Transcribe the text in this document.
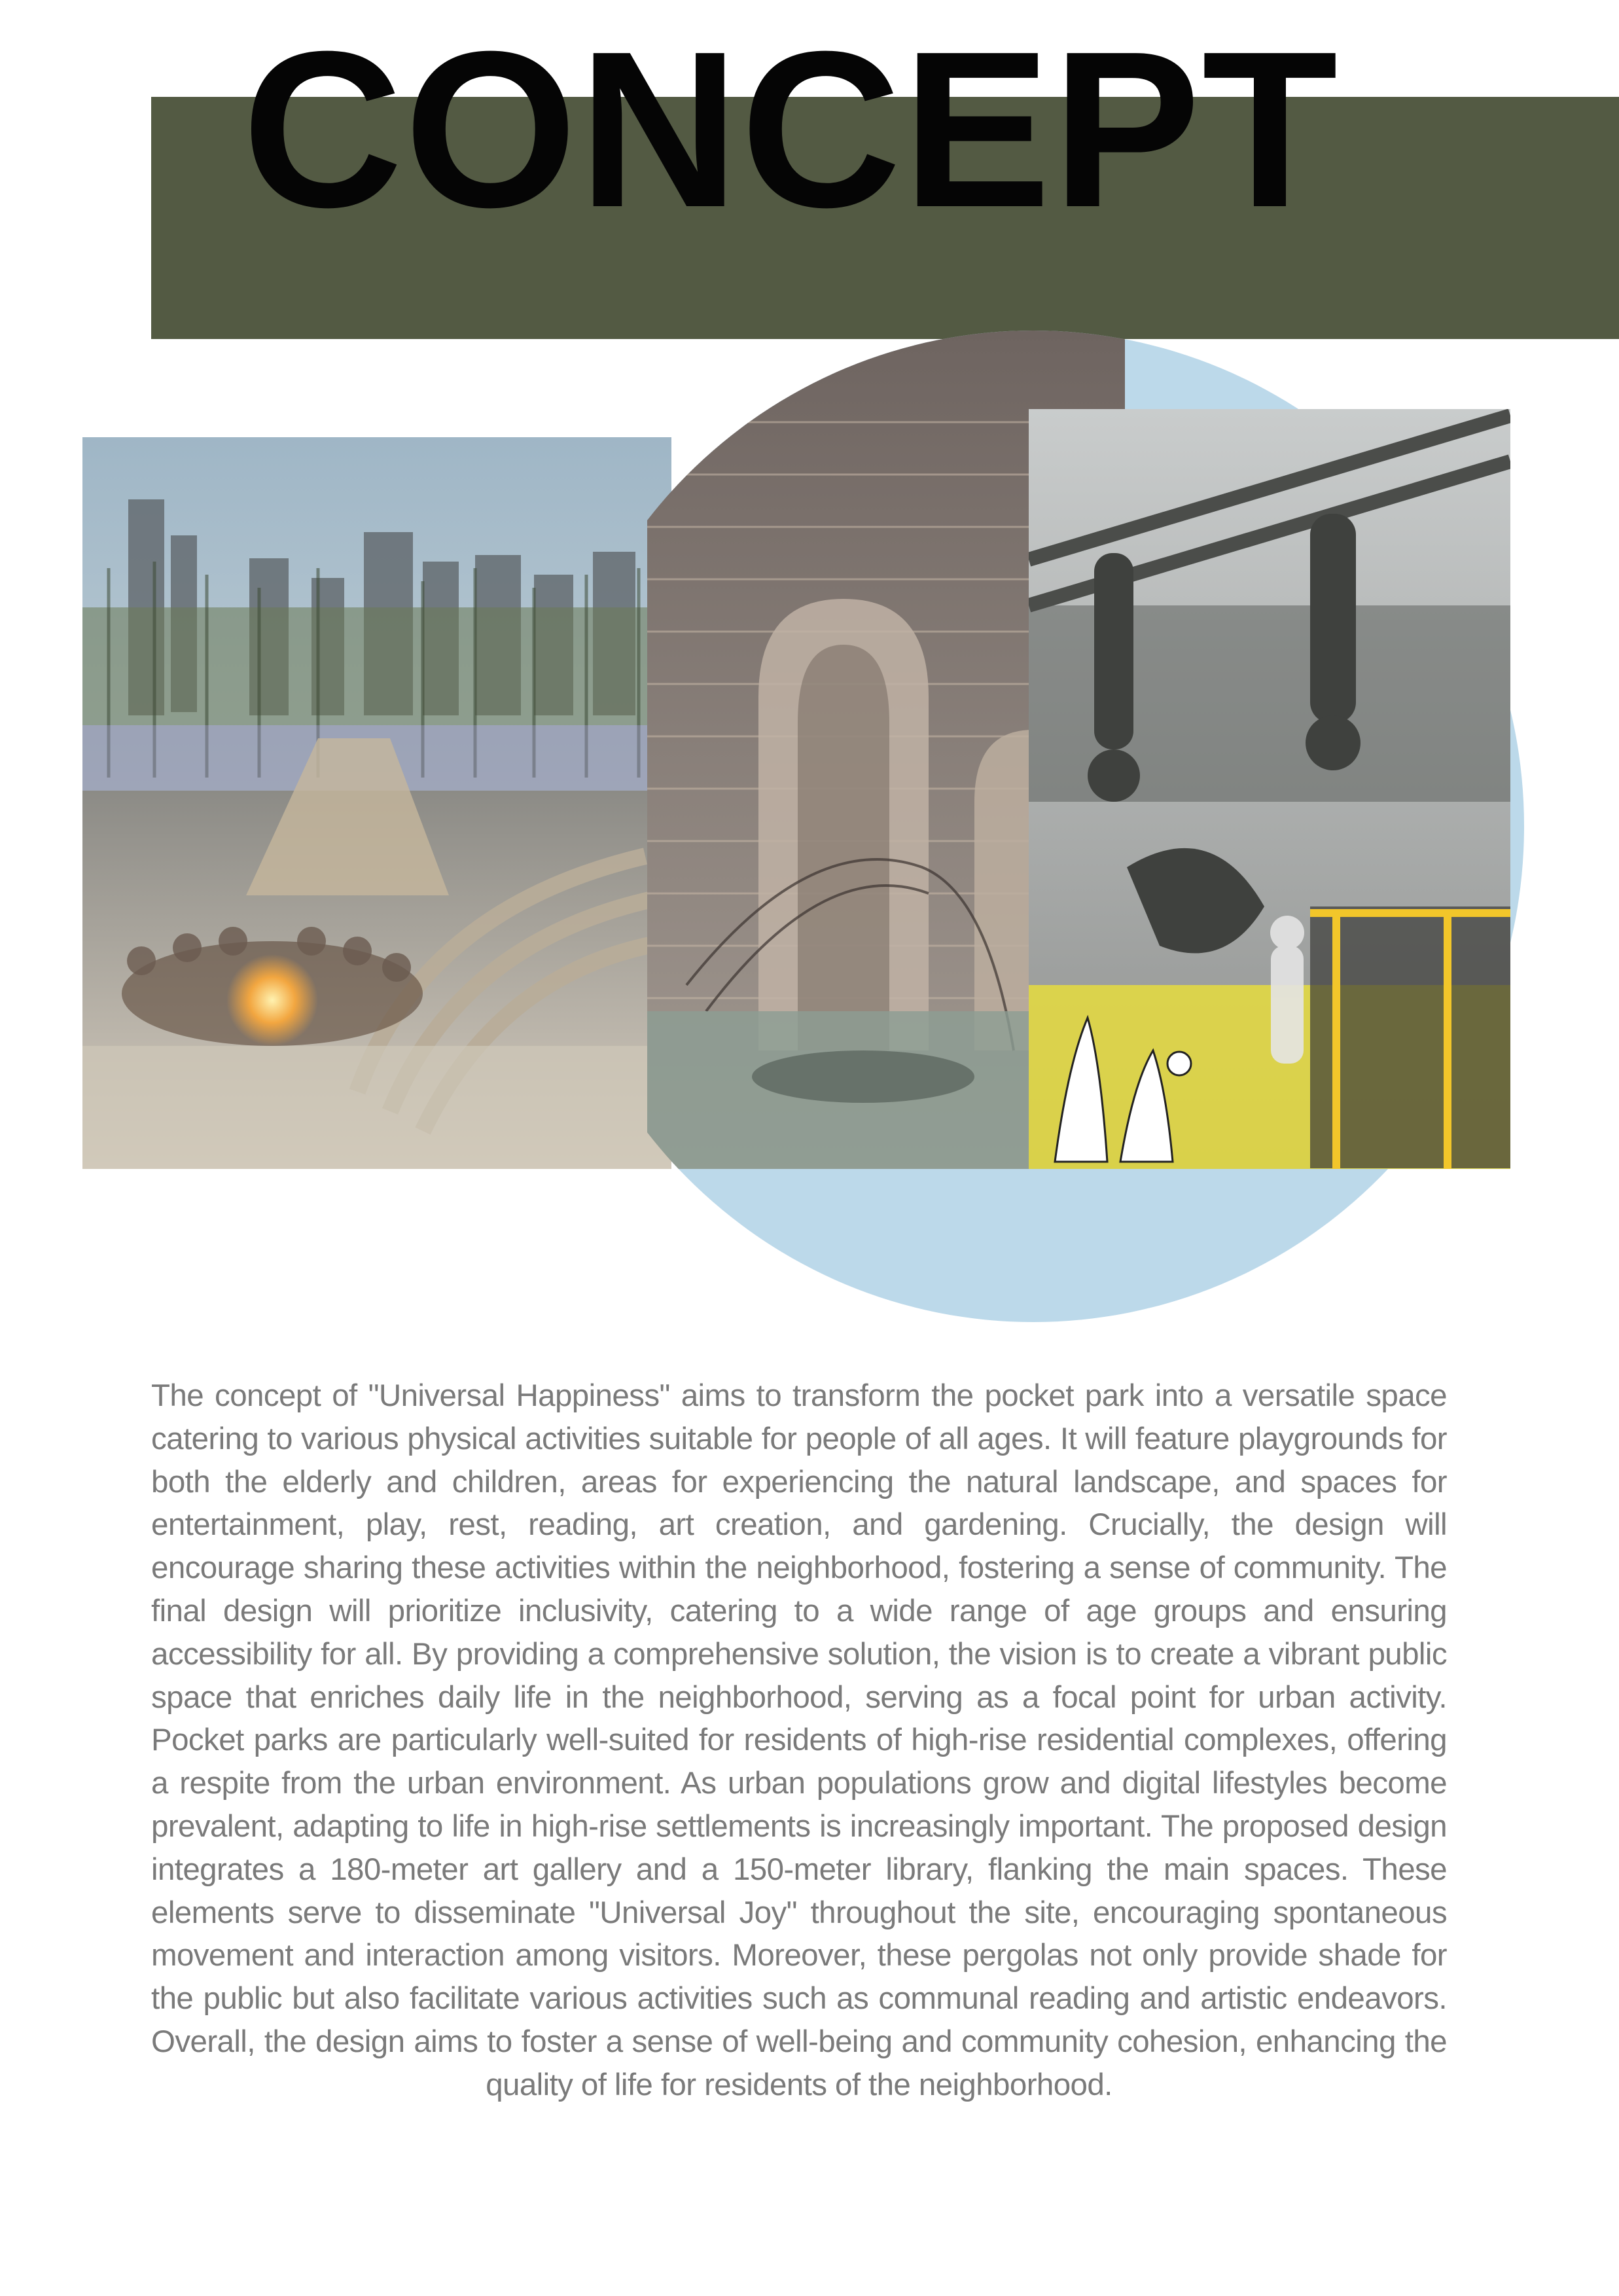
CONCEPT

The concept of "Universal Happiness" aims to transform the pocket park into a versatile space catering to various physical activities suitable for people of all ages. It will feature playgrounds for both the elderly and children, areas for experiencing the natural landscape, and spaces for entertainment, play, rest, reading, art creation, and gardening. Crucially, the design will encourage sharing these activities within the neighborhood, fostering a sense of community. The final design will prioritize inclusivity, catering to a wide range of age groups and ensuring accessibility for all. By providing a comprehensive solution, the vision is to create a vibrant public space that enriches daily life in the neighborhood, serving as a focal point for urban activity. Pocket parks are particularly well-suited for residents of high-rise residential complexes, offering a respite from the urban environment. As urban populations grow and digital lifestyles become prevalent, adapting to life in high-rise settlements is increasingly important. The proposed design integrates a 180-meter art gallery and a 150-meter library, flanking the main spaces. These elements serve to disseminate "Universal Joy" throughout the site, encouraging spontaneous movement and interaction among visitors. Moreover, these pergolas not only provide shade for the public but also facilitate various activities such as communal reading and artistic endeavors. Overall, the design aims to foster a sense of well-being and community cohesion, enhancing the quality of life for residents of the neighborhood.
